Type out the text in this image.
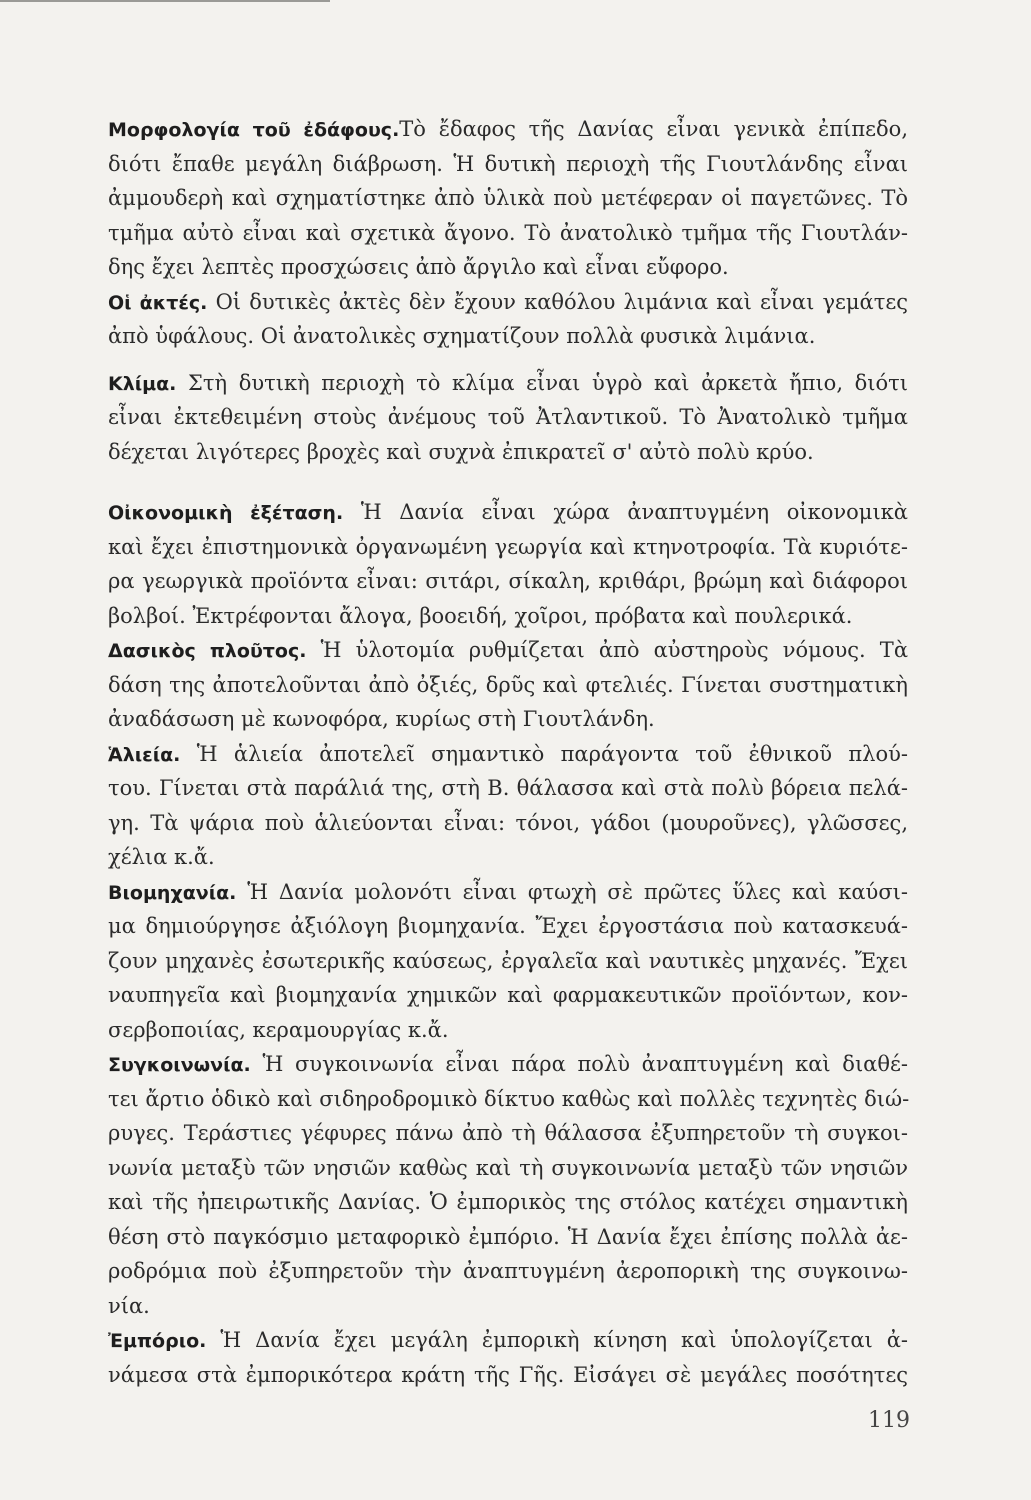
Μορφολογία τοῦ ἐδάφους.Τὸ ἔδαφος τῆς Δανίας εἶναι γενικὰ ἐπίπεδο,
διότι ἔπαθε μεγάλη διάβρωση. Ἡ δυτικὴ περιοχὴ τῆς Γιουτλάνδης εἶναι
ἀμμουδερὴ καὶ σχηματίστηκε ἀπὸ ὑλικὰ ποὺ μετέφεραν οἱ παγετῶνες. Τὸ
τμῆμα αὐτὸ εἶναι καὶ σχετικὰ ἄγονο. Τὸ ἀνατολικὸ τμῆμα τῆς Γιουτλάν-
δης ἔχει λεπτὲς προσχώσεις ἀπὸ ἄργιλο καὶ εἶναι εὔφορο.
Οἱ ἀκτές. Οἱ δυτικὲς ἀκτὲς δὲν ἔχουν καθόλου λιμάνια καὶ εἶναι γεμάτες
ἀπὸ ὑφάλους. Οἱ ἀνατολικὲς σχηματίζουν πολλὰ φυσικὰ λιμάνια.
Κλίμα. Στὴ δυτικὴ περιοχὴ τὸ κλίμα εἶναι ὑγρὸ καὶ ἀρκετὰ ἤπιο, διότι
εἶναι ἐκτεθειμένη στοὺς ἀνέμους τοῦ Ἀτλαντικοῦ. Τὸ Ἀνατολικὸ τμῆμα
δέχεται λιγότερες βροχὲς καὶ συχνὰ ἐπικρατεῖ σ' αὐτὸ πολὺ κρύο.
Οἰκονομικὴ ἐξέταση. Ἡ Δανία εἶναι χώρα ἀναπτυγμένη οἰκονομικὰ
καὶ ἔχει ἐπιστημονικὰ ὀργανωμένη γεωργία καὶ κτηνοτροφία. Τὰ κυριότε-
ρα γεωργικὰ προϊόντα εἶναι: σιτάρι, σίκαλη, κριθάρι, βρώμη καὶ διάφοροι
βολβοί. Ἐκτρέφονται ἄλογα, βοοειδή, χοῖροι, πρόβατα καὶ πουλερικά.
Δασικὸς πλοῦτος. Ἡ ὑλοτομία ρυθμίζεται ἀπὸ αὐστηροὺς νόμους. Τὰ
δάση της ἀποτελοῦνται ἀπὸ ὀξιές, δρῦς καὶ φτελιές. Γίνεται συστηματικὴ
ἀναδάσωση μὲ κωνοφόρα, κυρίως στὴ Γιουτλάνδη.
Ἁλιεία. Ἡ ἁλιεία ἀποτελεῖ σημαντικὸ παράγοντα τοῦ ἐθνικοῦ πλού-
του. Γίνεται στὰ παράλιά της, στὴ Β. θάλασσα καὶ στὰ πολὺ βόρεια πελά-
γη. Τὰ ψάρια ποὺ ἁλιεύονται εἶναι: τόνοι, γάδοι (μουροῦνες), γλῶσσες,
χέλια κ.ἄ.
Βιομηχανία. Ἡ Δανία μολονότι εἶναι φτωχὴ σὲ πρῶτες ὕλες καὶ καύσι-
μα δημιούργησε ἀξιόλογη βιομηχανία. Ἔχει ἐργοστάσια ποὺ κατασκευά-
ζουν μηχανὲς ἐσωτερικῆς καύσεως, ἐργαλεῖα καὶ ναυτικὲς μηχανές. Ἔχει
ναυπηγεῖα καὶ βιομηχανία χημικῶν καὶ φαρμακευτικῶν προϊόντων, κον-
σερβοποιίας, κεραμουργίας κ.ἄ.
Συγκοινωνία. Ἡ συγκοινωνία εἶναι πάρα πολὺ ἀναπτυγμένη καὶ διαθέ-
τει ἄρτιο ὁδικὸ καὶ σιδηροδρομικὸ δίκτυο καθὼς καὶ πολλὲς τεχνητὲς διώ-
ρυγες. Τεράστιες γέφυρες πάνω ἀπὸ τὴ θάλασσα ἐξυπηρετοῦν τὴ συγκοι-
νωνία μεταξὺ τῶν νησιῶν καθὼς καὶ τὴ συγκοινωνία μεταξὺ τῶν νησιῶν
καὶ τῆς ἠπειρωτικῆς Δανίας. Ὁ ἐμπορικὸς της στόλος κατέχει σημαντικὴ
θέση στὸ παγκόσμιο μεταφορικὸ ἐμπόριο. Ἡ Δανία ἔχει ἐπίσης πολλὰ ἀε-
ροδρόμια ποὺ ἐξυπηρετοῦν τὴν ἀναπτυγμένη ἀεροπορικὴ της συγκοινω-
νία.
Ἐμπόριο. Ἡ Δανία ἔχει μεγάλη ἐμπορικὴ κίνηση καὶ ὑπολογίζεται ἀ-
νάμεσα στὰ ἐμπορικότερα κράτη τῆς Γῆς. Εἰσάγει σὲ μεγάλες ποσότητες
119
